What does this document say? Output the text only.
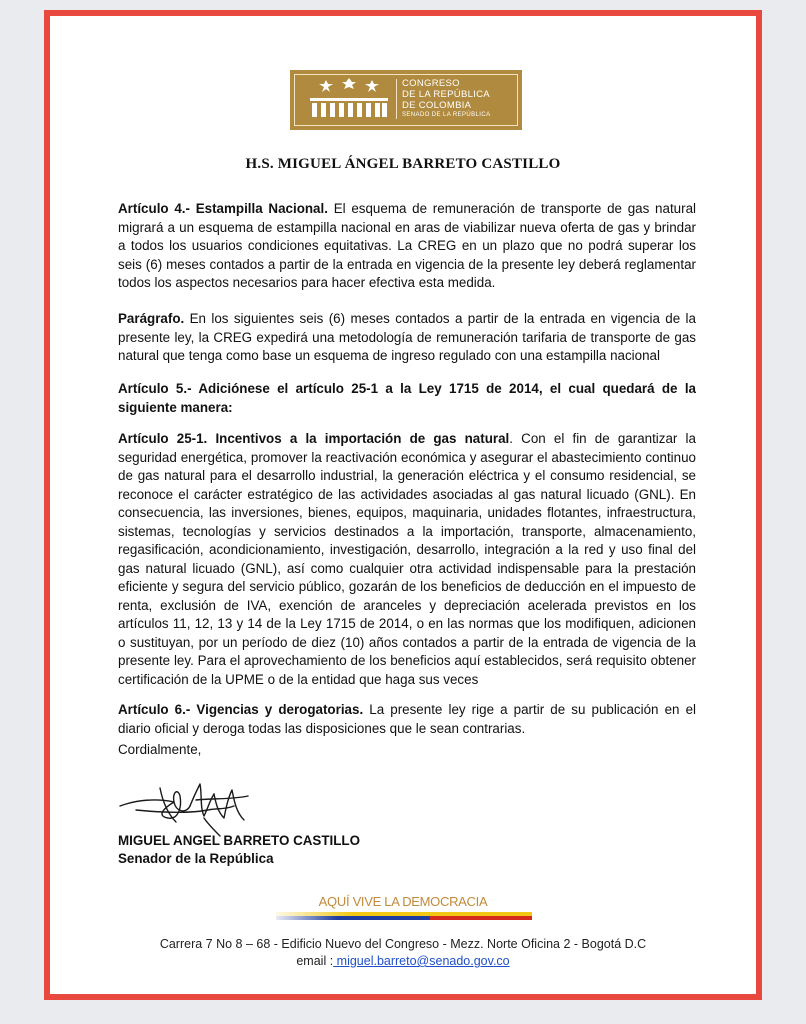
CONGRESO
DE LA REPÚBLICA
DE COLOMBIA
SENADO DE LA REPÚBLICA
H.S. MIGUEL ÁNGEL BARRETO CASTILLO

Artículo 4.- Estampilla Nacional. El esquema de remuneración de transporte de gas natural migrará a un esquema de estampilla nacional en aras de viabilizar nueva oferta de gas y brindar a todos los usuarios condiciones equitativas. La CREG en un plazo que no podrá superar los seis (6) meses contados a partir de la entrada en vigencia de la presente ley deberá reglamentar todos los aspectos necesarios para hacer efectiva esta medida.

Parágrafo. En los siguientes seis (6) meses contados a partir de la entrada en vigencia de la presente ley, la CREG expedirá una metodología de remuneración tarifaria de transporte de gas natural que tenga como base un esquema de ingreso regulado con una estampilla nacional

Artículo 5.- Adiciónese el artículo 25-1 a la Ley 1715 de 2014, el cual quedará de la siguiente manera:

Artículo 25-1. Incentivos a la importación de gas natural. Con el fin de garantizar la seguridad energética, promover la reactivación económica y asegurar el abastecimiento continuo de gas natural para el desarrollo industrial, la generación eléctrica y el consumo residencial, se reconoce el carácter estratégico de las actividades asociadas al gas natural licuado (GNL). En consecuencia, las inversiones, bienes, equipos, maquinaria, unidades flotantes, infraestructura, sistemas, tecnologías y servicios destinados a la importación, transporte, almacenamiento, regasificación, acondicionamiento, investigación, desarrollo, integración a la red y uso final del gas natural licuado (GNL), así como cualquier otra actividad indispensable para la prestación eficiente y segura del servicio público, gozarán de los beneficios de deducción en el impuesto de renta, exclusión de IVA, exención de aranceles y depreciación acelerada previstos en los artículos 11, 12, 13 y 14 de la Ley 1715 de 2014, o en las normas que los modifiquen, adicionen o sustituyan, por un período de diez (10) años contados a partir de la entrada de vigencia de la presente ley. Para el aprovechamiento de los beneficios aquí establecidos, será requisito obtener certificación de la UPME o de la entidad que haga sus veces

Artículo 6.- Vigencias y derogatorias. La presente ley rige a partir de su publicación en el diario oficial y deroga todas las disposiciones que le sean contrarias.

Cordialmente,
MIGUEL ANGEL BARRETO CASTILLO
Senador de la República
AQUÍ VIVE LA DEMOCRACIA
Carrera 7 No 8 – 68 - Edificio Nuevo del Congreso - Mezz. Norte Oficina 2 - Bogotá D.C
email : miguel.barreto@senado.gov.co
